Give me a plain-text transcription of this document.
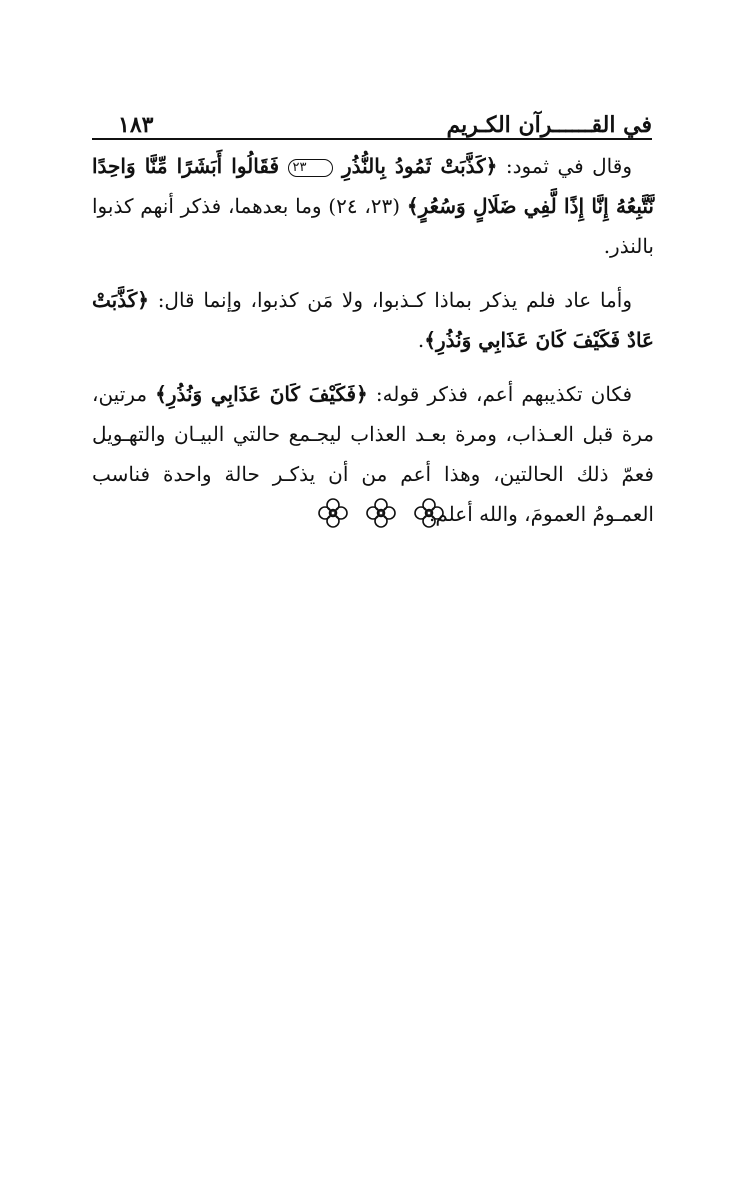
١٨٣	في القــــــرآن الكـريم

وقال في ثمود: ﴿كَذَّبَتْ ثَمُودُ بِالنُّذُرِ ٢٣ فَقَالُوا أَبَشَرًا مِّنَّا وَاحِدًا نَّتَّبِعُهُ إِنَّا إِذًا لَّفِي ضَلَالٍ وَسُعُرٍ﴾ (٢٣، ٢٤) وما بعدهما، فذكر أنهم كذبوا بالنذر.

وأما عاد فلم يذكر بماذا كـذبوا، ولا مَن كذبوا، وإنما قال: ﴿كَذَّبَتْ عَادٌ فَكَيْفَ كَانَ عَذَابِي وَنُذُرِ﴾.

فكان تكذيبهم أعم، فذكر قوله: ﴿فَكَيْفَ كَانَ عَذَابِي وَنُذُرِ﴾ مرتين، مرة قبل العـذاب، ومرة بعـد العذاب ليجـمع حالتي البيـان والتهـويل فعمّ ذلك الحالتين، وهذا أعم من أن يذكـر حالة واحدة فناسب العمـومُ العمومَ، والله أعلم.
